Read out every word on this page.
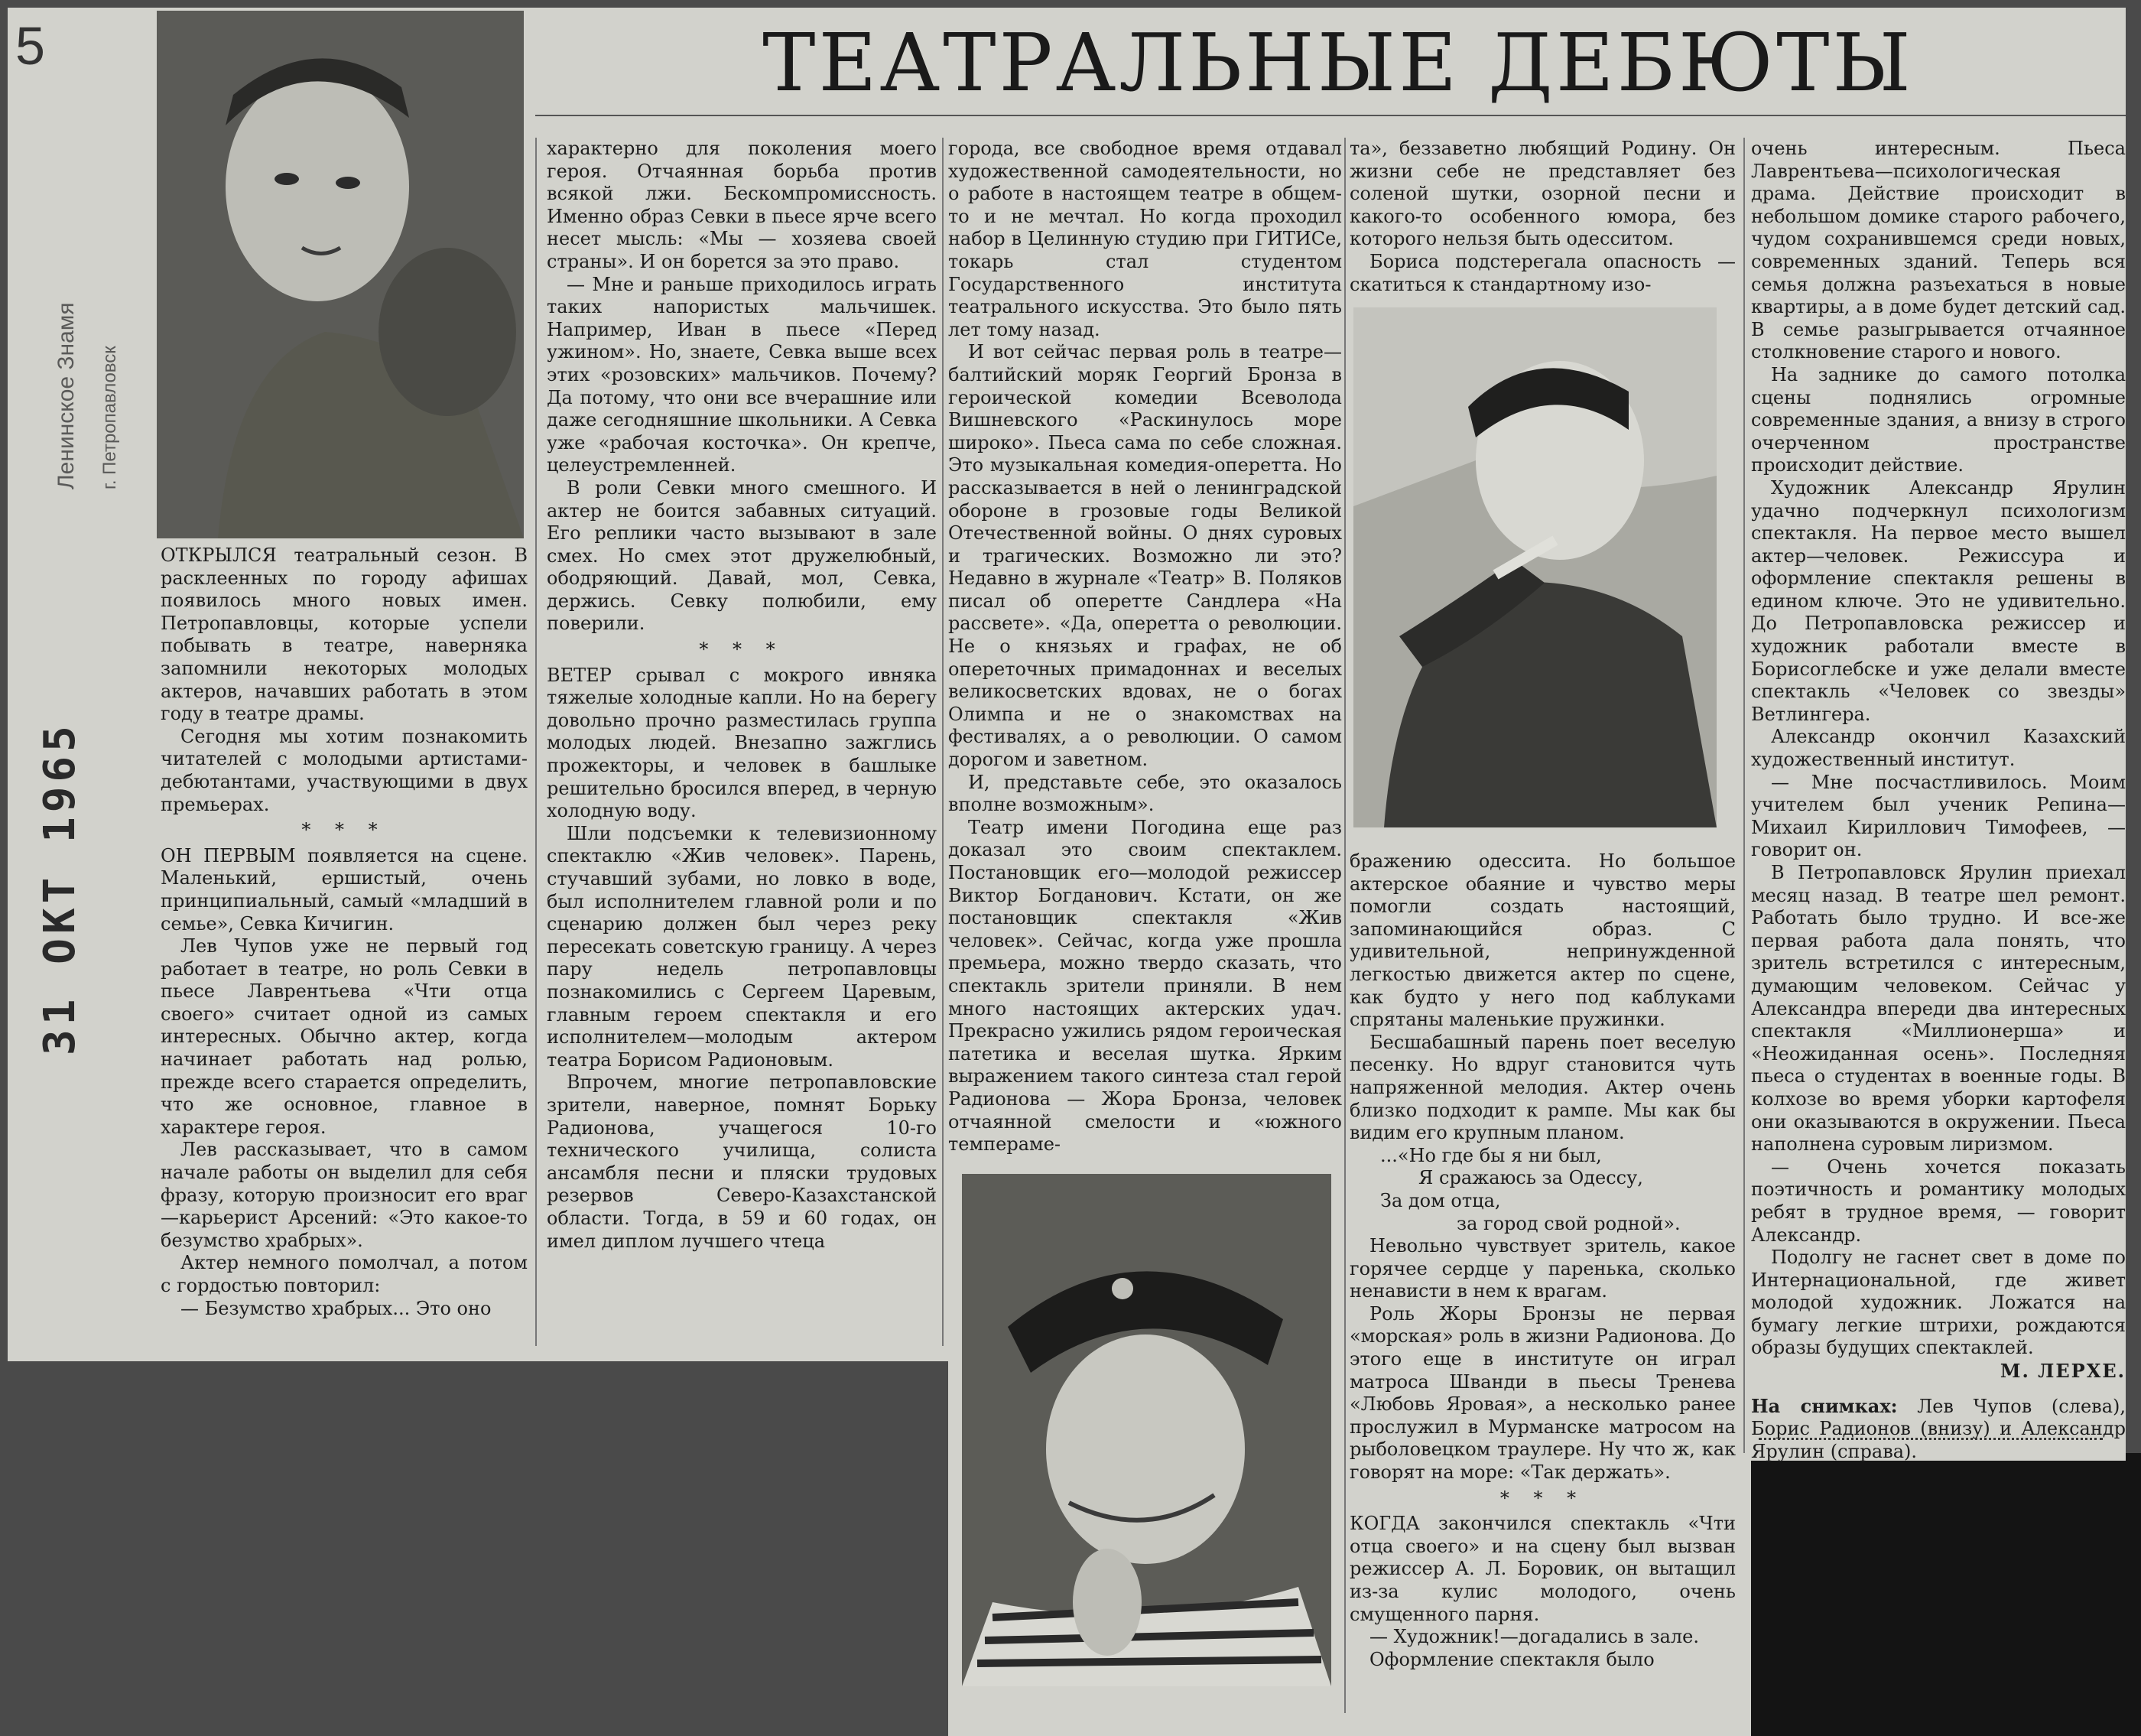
5
Ленинское Знамя г. Петропавловск
31 ОКТ 1965
ТЕАТРАЛЬНЫЕ ДЕБЮТЫ

ОТКРЫЛСЯ театральный сезон. В расклеенных по городу афишах появилось много новых имен. Петропавловцы, которые успели побывать в театре, наверняка запомнили некоторых молодых актеров, начавших работать в этом году в театре драмы.

Сегодня мы хотим познакомить читателей с молодыми артистами-дебютантами, участвующими в двух премьерах.

* * *

ОН ПЕРВЫМ появляется на сцене. Маленький, ершистый, очень принципиальный, самый «младший в семье», Севка Кичигин.

Лев Чупов уже не первый год работает в театре, но роль Севки в пьесе Лаврентьева «Чти отца своего» считает одной из самых интересных. Обычно актер, когда начинает работать над ролью, прежде всего старается определить, что же основное, главное в характере героя.

Лев рассказывает, что в самом начале работы он выделил для себя фразу, которую произносит его враг—карьерист Арсений: «Это какое-то безумство храбрых».

Актер немного помолчал, а потом с гордостью повторил:

— Безумство храбрых... Это оно

характерно для поколения моего героя. Отчаянная борьба против всякой лжи. Бескомпромиссность. Именно образ Севки в пьесе ярче всего несет мысль: «Мы — хозяева своей страны». И он борется за это право.

— Мне и раньше приходилось играть таких напористых мальчишек. Например, Иван в пьесе «Перед ужином». Но, знаете, Севка выше всех этих «розовских» мальчиков. Почему? Да потому, что они все вчерашние или даже сегодняшние школьники. А Севка уже «рабочая косточка». Он крепче, целеустремленней.

В роли Севки много смешного. И актер не боится забавных ситуаций. Его реплики часто вызывают в зале смех. Но смех этот дружелюбный, ободряющий. Давай, мол, Севка, держись. Севку полюбили, ему поверили.

* * *

ВЕТЕР срывал с мокрого ивняка тяжелые холодные капли. Но на берегу довольно прочно разместилась группа молодых людей. Внезапно зажглись прожекторы, и человек в башлыке решительно бросился вперед, в черную холодную воду.

Шли подсъемки к телевизионному спектаклю «Жив человек». Парень, стучавший зубами, но ловко в воде, был исполнителем главной роли и по сценарию должен был через реку пересекать советскую границу. А через пару недель петропавловцы познакомились с Сергеем Царевым, главным героем спектакля и его исполнителем—молодым актером театра Борисом Радионовым.

Впрочем, многие петропавловские зрители, наверное, помнят Борьку Радионова, учащегося 10-го технического училища, солиста ансамбля песни и пляски трудовых резервов Северо-Казахстанской области. Тогда, в 59 и 60 годах, он имел диплом лучшего чтеца

города, все свободное время отдавал художественной самодеятельности, но о работе в настоящем театре в общем-то и не мечтал. Но когда проходил набор в Целинную студию при ГИТИСе, токарь стал студентом Государственного института театрального искусства. Это было пять лет тому назад.

И вот сейчас первая роль в театре—балтийский моряк Георгий Бронза в героической комедии Всеволода Вишневского «Раскинулось море широко». Пьеса сама по себе сложная. Это музыкальная комедия-оперетта. Но рассказывается в ней о ленинградской обороне в грозовые годы Великой Отечественной войны. О днях суровых и трагических. Возможно ли это? Недавно в журнале «Театр» В. Поляков писал об оперетте Сандлера «На рассвете». «Да, оперетта о революции. Не о князьях и графах, не об опереточных примадоннах и веселых великосветских вдовах, не о богах Олимпа и не о знакомствах на фестивалях, а о революции. О самом дорогом и заветном.

И, представьте себе, это оказалось вполне возможным».

Театр имени Погодина еще раз доказал это своим спектаклем. Постановщик его—молодой режиссер Виктор Богданович. Кстати, он же постановщик спектакля «Жив человек». Сейчас, когда уже прошла премьера, можно твердо сказать, что спектакль зрители приняли. В нем много настоящих актерских удач. Прекрасно ужились рядом героическая патетика и веселая шутка. Ярким выражением такого синтеза стал герой Радионова — Жора Бронза, человек отчаянной смелости и «южного темпераме-

та», беззаветно любящий Родину. Он жизни себе не представляет без соленой шутки, озорной песни и какого-то особенного юмора, без которого нельзя быть одесситом.

Бориса подстерегала опасность —скатиться к стандартному изо-

бражению одессита. Но большое актерское обаяние и чувство меры помогли создать настоящий, запоминающийся образ. С удивительной, непринужденной легкостью движется актер по сцене, как будто у него под каблуками спрятаны маленькие пружинки.

Бесшабашный парень поет веселую песенку. Но вдруг становится чуть напряженной мелодия. Актер очень близко подходит к рампе. Мы как бы видим его крупным планом.

...«Но где бы я ни был,

Я сражаюсь за Одессу,

За дом отца,

за город свой родной».

Невольно чувствует зритель, какое горячее сердце у паренька, сколько ненависти в нем к врагам.

Роль Жоры Бронзы не первая «морская» роль в жизни Радионова. До этого еще в институте он играл матроса Шванди в пьесы Тренева «Любовь Яровая», а несколько ранее прослужил в Мурманске матросом на рыболовецком траулере. Ну что ж, как говорят на море: «Так держать».

* * *

КОГДА закончился спектакль «Чти отца своего» и на сцену был вызван режиссер А. Л. Боровик, он вытащил из-за кулис молодого, очень смущенного парня.

— Художник!—догадались в зале.

Оформление спектакля было

очень интересным. Пьеса Лаврентьева—психологическая драма. Действие происходит в небольшом домике старого рабочего, чудом сохранившемся среди новых, современных зданий. Теперь вся семья должна разъехаться в новые квартиры, а в доме будет детский сад. В семье разыгрывается отчаянное столкновение старого и нового.

На заднике до самого потолка сцены поднялись огромные современные здания, а внизу в строго очерченном пространстве происходит действие.

Художник Александр Ярулин удачно подчеркнул психологизм спектакля. На первое место вышел актер—человек. Режиссура и оформление спектакля решены в едином ключе. Это не удивительно. До Петропавловска режиссер и художник работали вместе в Борисоглебске и уже делали вместе спектакль «Человек со звезды» Ветлингера.

Александр окончил Казахский художественный институт.

— Мне посчастливилось. Моим учителем был ученик Репина—Михаил Кириллович Тимофеев, — говорит он.

В Петропавловск Ярулин приехал месяц назад. В театре шел ремонт. Работать было трудно. И все-же первая работа дала понять, что зритель встретился с интересным, думающим человеком. Сейчас у Александра впереди два интересных спектакля «Миллионерша» и «Неожиданная осень». Последняя пьеса о студентах в военные годы. В колхозе во время уборки картофеля они оказываются в окружении. Пьеса наполнена суровым лиризмом.

— Очень хочется показать поэтичность и романтику молодых ребят в трудное время, — говорит Александр.

Подолгу не гаснет свет в доме по Интернациональной, где живет молодой художник. Ложатся на бумагу легкие штрихи, рождаются образы будущих спектаклей.

М. ЛЕРХЕ.

На снимках: Лев Чупов (слева), Борис Радионов (внизу) и Александр Ярулин (справа).
